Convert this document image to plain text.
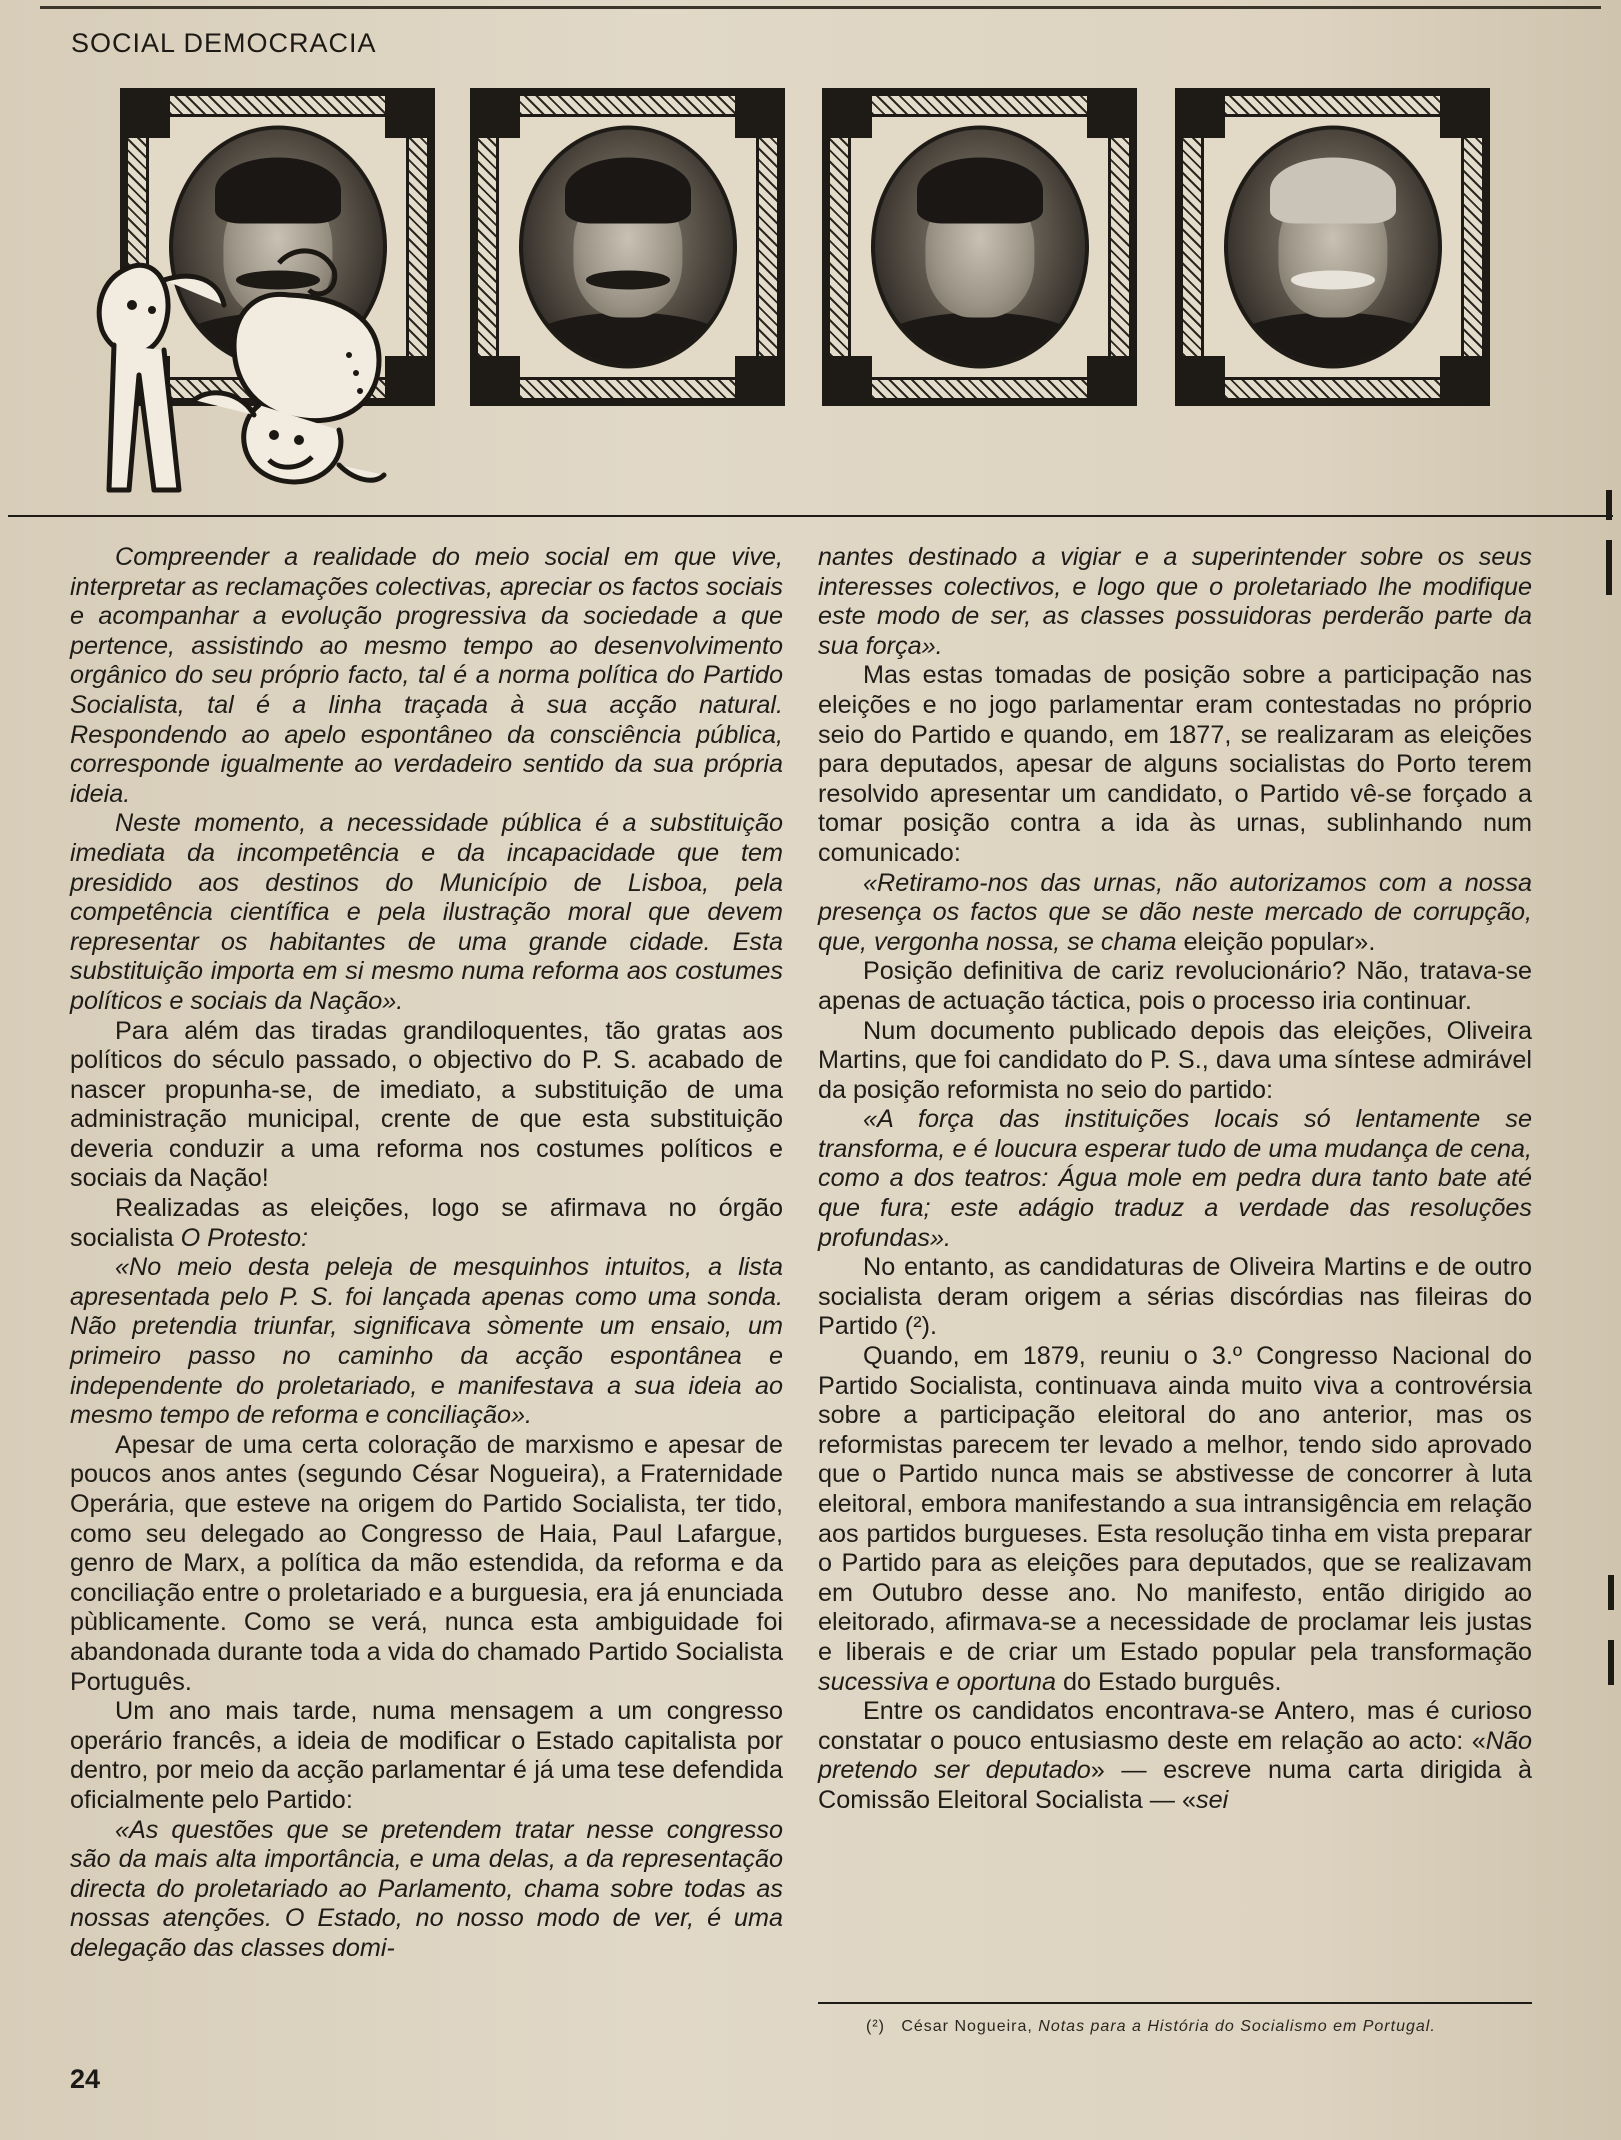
SOCIAL DEMOCRACIA

Compreender a realidade do meio social em que vive, interpretar as reclamações colectivas, apreciar os factos sociais e acompanhar a evolução progressiva da sociedade a que pertence, assistindo ao mesmo tempo ao desenvolvimento orgânico do seu próprio facto, tal é a norma política do Partido Socialista, tal é a linha traçada à sua acção natural. Respondendo ao apelo espontâneo da consciência pública, corresponde igualmente ao verdadeiro sentido da sua própria ideia.

Neste momento, a necessidade pública é a substituição imediata da incompetência e da incapacidade que tem presidido aos destinos do Município de Lisboa, pela competência científica e pela ilustração moral que devem representar os habitantes de uma grande cidade. Esta substituição importa em si mesmo numa reforma aos costumes políticos e sociais da Nação».

Para além das tiradas grandiloquentes, tão gratas aos políticos do século passado, o objectivo do P. S. acabado de nascer propunha-se, de imediato, a substituição de uma administração municipal, crente de que esta substituição deveria conduzir a uma reforma nos costumes políticos e sociais da Nação!

Realizadas as eleições, logo se afirmava no órgão socialista O Protesto:

«No meio desta peleja de mesquinhos intuitos, a lista apresentada pelo P. S. foi lançada apenas como uma sonda. Não pretendia triunfar, significava sòmente um ensaio, um primeiro passo no caminho da acção espontânea e independente do proletariado, e manifestava a sua ideia ao mesmo tempo de reforma e conciliação».

Apesar de uma certa coloração de marxismo e apesar de poucos anos antes (segundo César Nogueira), a Fraternidade Operária, que esteve na origem do Partido Socialista, ter tido, como seu delegado ao Congresso de Haia, Paul Lafargue, genro de Marx, a política da mão estendida, da reforma e da conciliação entre o proletariado e a burguesia, era já enunciada pùblicamente. Como se verá, nunca esta ambiguidade foi abandonada durante toda a vida do chamado Partido Socialista Português.

Um ano mais tarde, numa mensagem a um congresso operário francês, a ideia de modificar o Estado capitalista por dentro, por meio da acção parlamentar é já uma tese defendida oficialmente pelo Partido:

«As questões que se pretendem tratar nesse congresso são da mais alta importância, e uma delas, a da representação directa do proletariado ao Parlamento, chama sobre todas as nossas atenções. O Estado, no nosso modo de ver, é uma delegação das classes domi-

nantes destinado a vigiar e a superintender sobre os seus interesses colectivos, e logo que o proletariado lhe modifique este modo de ser, as classes possuidoras perderão parte da sua força».

Mas estas tomadas de posição sobre a participação nas eleições e no jogo parlamentar eram contestadas no próprio seio do Partido e quando, em 1877, se realizaram as eleições para deputados, apesar de alguns socialistas do Porto terem resolvido apresentar um candidato, o Partido vê-se forçado a tomar posição contra a ida às urnas, sublinhando num comunicado:

«Retiramo-nos das urnas, não autorizamos com a nossa presença os factos que se dão neste mercado de corrupção, que, vergonha nossa, se chama eleição popular».

Posição definitiva de cariz revolucionário? Não, tratava-se apenas de actuação táctica, pois o processo iria continuar.

Num documento publicado depois das eleições, Oliveira Martins, que foi candidato do P. S., dava uma síntese admirável da posição reformista no seio do partido:

«A força das instituições locais só lentamente se transforma, e é loucura esperar tudo de uma mudança de cena, como a dos teatros: Água mole em pedra dura tanto bate até que fura; este adágio traduz a verdade das resoluções profundas».

No entanto, as candidaturas de Oliveira Martins e de outro socialista deram origem a sérias discórdias nas fileiras do Partido (²).

Quando, em 1879, reuniu o 3.º Congresso Nacional do Partido Socialista, continuava ainda muito viva a controvérsia sobre a participação eleitoral do ano anterior, mas os reformistas parecem ter levado a melhor, tendo sido aprovado que o Partido nunca mais se abstivesse de concorrer à luta eleitoral, embora manifestando a sua intransigência em relação aos partidos burgueses. Esta resolução tinha em vista preparar o Partido para as eleições para deputados, que se realizavam em Outubro desse ano. No manifesto, então dirigido ao eleitorado, afirmava-se a necessidade de proclamar leis justas e liberais e de criar um Estado popular pela transformação sucessiva e oportuna do Estado burguês.

Entre os candidatos encontrava-se Antero, mas é curioso constatar o pouco entusiasmo deste em relação ao acto: «Não pretendo ser deputado» — escreve numa carta dirigida à Comissão Eleitoral Socialista — «sei

(²) César Nogueira, Notas para a História do Socialismo em Portugal.
24
